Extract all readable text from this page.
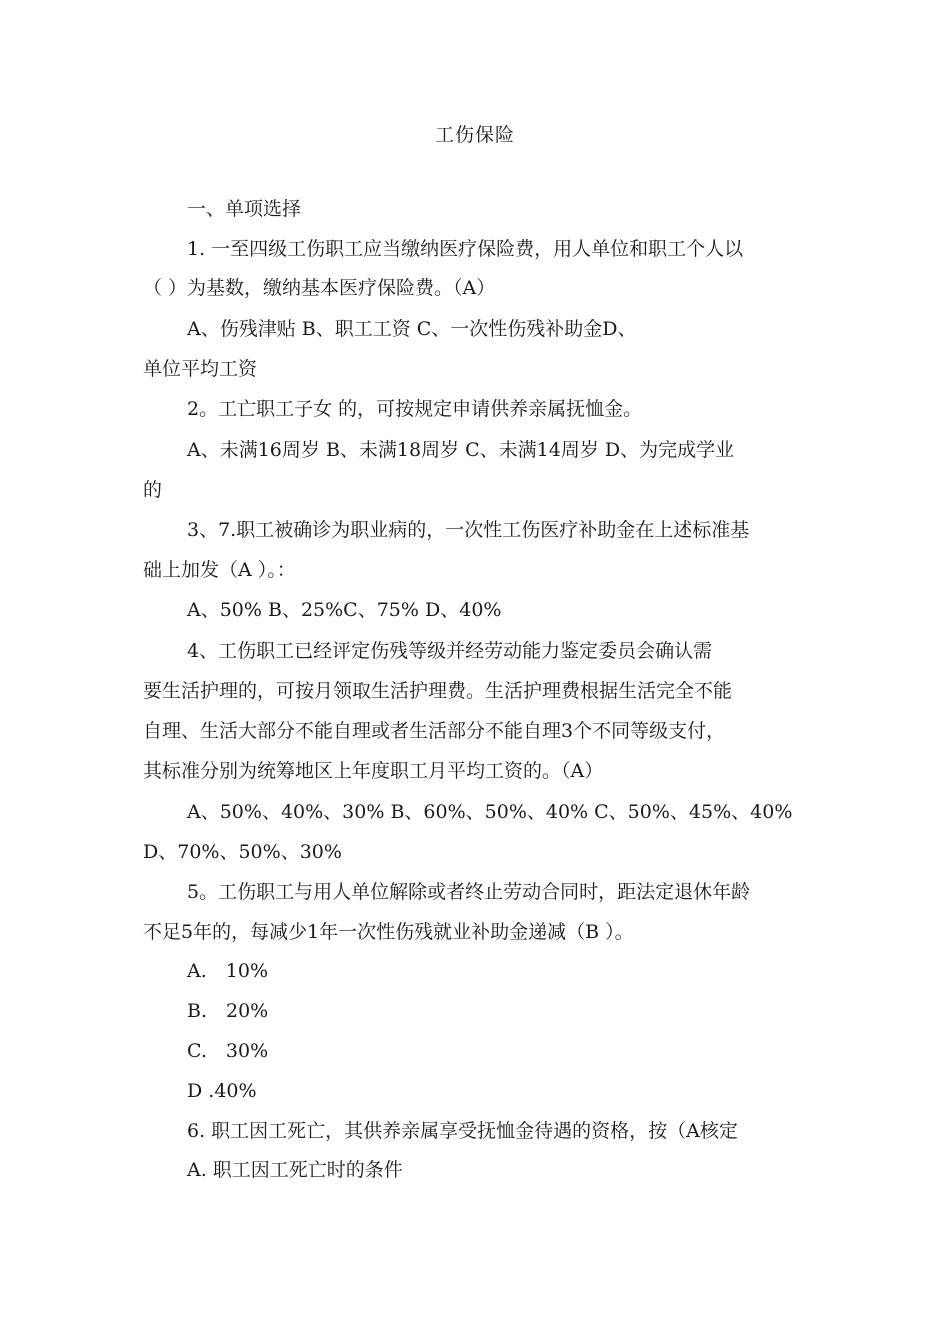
工伤保险
一、单项选择
1. 一至四级工伤职工应当缴纳医疗保险费，用人单位和职工个人以
（ ）为基数，缴纳基本医疗保险费。（A）
A、伤残津贴 B、职工工资 C、一次性伤残补助金D、
单位平均工资
2。工亡职工子女 的，可按规定申请供养亲属抚恤金。
A、未满16周岁 B、未满18周岁 C、未满14周岁 D、为完成学业
的
3、7.职工被确诊为职业病的，一次性工伤医疗补助金在上述标准基
础上加发（A ）。：
A、50% B、25%C、75% D、40%
4、工伤职工已经评定伤残等级并经劳动能力鉴定委员会确认需
要生活护理的，可按月领取生活护理费。生活护理费根据生活完全不能
自理、生活大部分不能自理或者生活部分不能自理3个不同等级支付，
其标准分别为统筹地区上年度职工月平均工资的。（A）
A、50%、40%、30% B、60%、50%、40% C、50%、45%、40%
D、70%、50%、30%
5。工伤职工与用人单位解除或者终止劳动合同时，距法定退休年龄
不足5年的，每减少1年一次性伤残就业补助金递减（B ）。
A.　10%
B.　20%
C.　30%
D .40%
6. 职工因工死亡，其供养亲属享受抚恤金待遇的资格，按（A核定
A. 职工因工死亡时的条件
